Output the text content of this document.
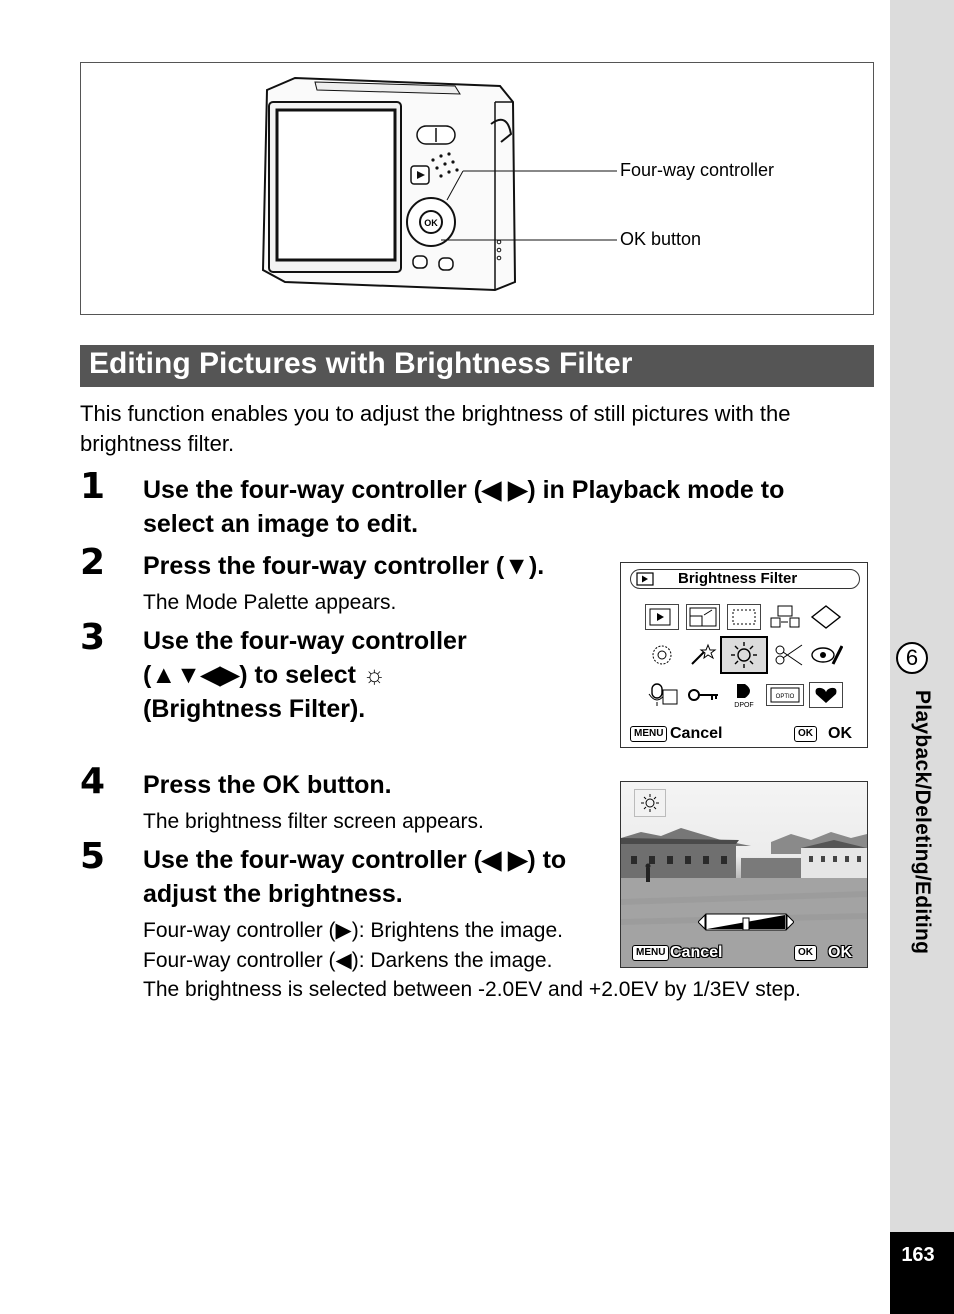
6
Playback/Deleting/Editing
163
OK
Four-way controller
OK button
Editing Pictures with Brightness Filter
This function enables you to adjust the brightness of still pictures with the brightness filter.
1 Use the four-way controller (◀ ▶) in Playback mode to
select an image to edit.
2 Press the four-way controller (▼).
The Mode Palette appears.
3 Use the four-way controller
(▲▼◀▶) to select ☼
(Brightness Filter).
4 Press the OK button.
The brightness filter screen appears.
5 Use the four-way controller (◀ ▶) to
adjust the brightness.
Four-way controller (▶): Brightens the image.
Four-way controller (◀): Darkens the image.
The brightness is selected between -2.0EV and +2.0EV by 1/3EV step.
Brightness Filter
DPOF
OPTIO
MENU Cancel	OK OK
MENU Cancel	OK OK
